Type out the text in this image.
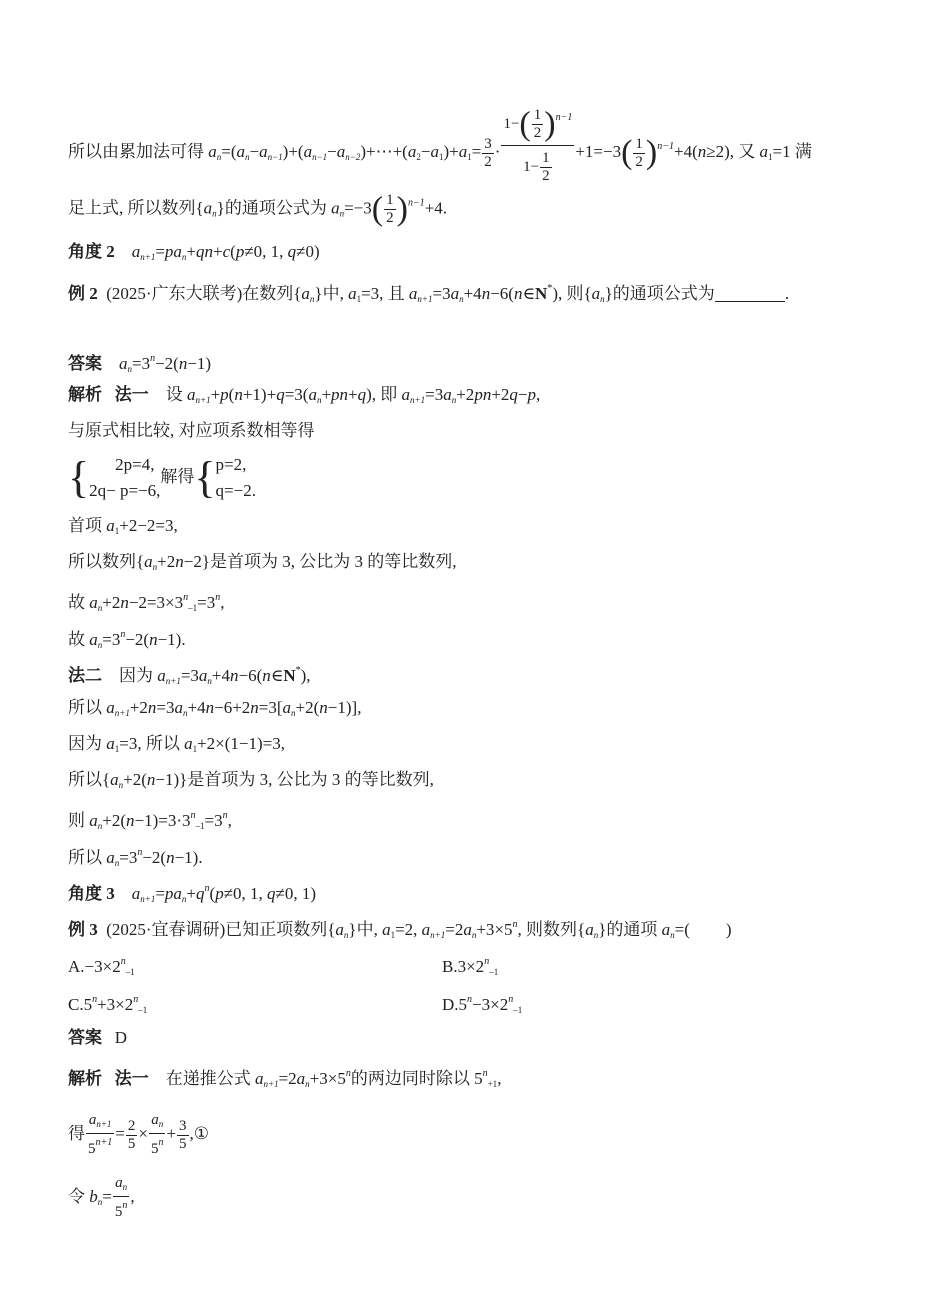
所以由累加法可得 $a_n=(a_n-a_{n-1})+(a_{n-1}-a_{n-2})+\cdots+(a_2-a_1)+a_1= \frac{3}{2} \cdot \frac{1-( \frac{1}{2} )^{n-1}}{1- \frac{1}{2}} +1=-3( \frac{1}{2} )^{n-1}+4(n\ge 2)$, 又 $a_1=1$ 满
足上式, 所以数列$\{a_n\}$的通项公式为 $a_n=-3( \frac{1}{2} )^{n-1}+4$.
角度 2 $a_{n+1}=pa_n+qn+c(p\ne 0$, 1, q≠0)
例 2 (2025·广东大联考)在数列$\{a_n\}$中, $a_1=3$, 且 $a_{n+1}=3a_n+4n-6(n\in N^*)$, 则$\{a_n\}$的通项公式为	.
答案 $a_n=3^n-2(n-1)$
解析 法一 设 $a_{n+1}+p(n+1)+q=3(a_n+pn+q)$, 即 $a_{n+1}=3a_n+2pn+2q-p$,
与原式相比较, 对应项系数相等得
{ 2p=4,
2q− p=−6,解得{p=2,
q=−2.
首项 $a_1+2-2=3$,
所以数列$\{a_n+2n-2\}$是首项为 3, 公比为 3 的等比数列,
故 $a_n+2n-2=3\times 3^n_{-1}=3^n$,
故 $a_n=3^n-2(n-1)$.
法二 因为 $a_{n+1}=3a_n+4n-6(n\in N^*)$,
所以 $a_{n+1}+2n=3a_n+4n-6+2n=3[a_n+2(n-1)]$,
因为 $a_1=3$, 所以 $a_1+2\times(1-1)=3$,
所以$\{a_n+2(n-1)\}$是首项为 3, 公比为 3 的等比数列,
则 $a_n+2(n-1)=3\cdot 3^n_{-1}=3^n$,
所以 $a_n=3^n-2(n-1)$.
角度 3 $a_{n+1}=pa_n+q^n(p\ne 0$, 1, q≠0, 1)
例 3 (2025·宜春调研)已知正项数列$\{a_n\}$中, $a_1=2$, $a_{n+1}=2a_n+3\times 5^n$, 则数列$\{a_n\}$的通项 $a_n=$( )
$A.-3\times 2^n_{-1}$	$B.3\times 2^n_{-1}$
$C.5^n+3\times 2^n_{-1}$	$D.5^n-3\times 2^n_{-1}$
答案 D
解析 法一 在递推公式 $a_{n+1}=2a_n+3\times 5^n$的两边同时除以 $5^n_{+1}$,
得 $\frac{a_{n+1}}{5^{n+1}} = \frac{2}{5} \times \frac{a_n}{5^n} + \frac{3}{5}$ ,①
令 $b_n= \frac{a_n}{5^n}$ ,
